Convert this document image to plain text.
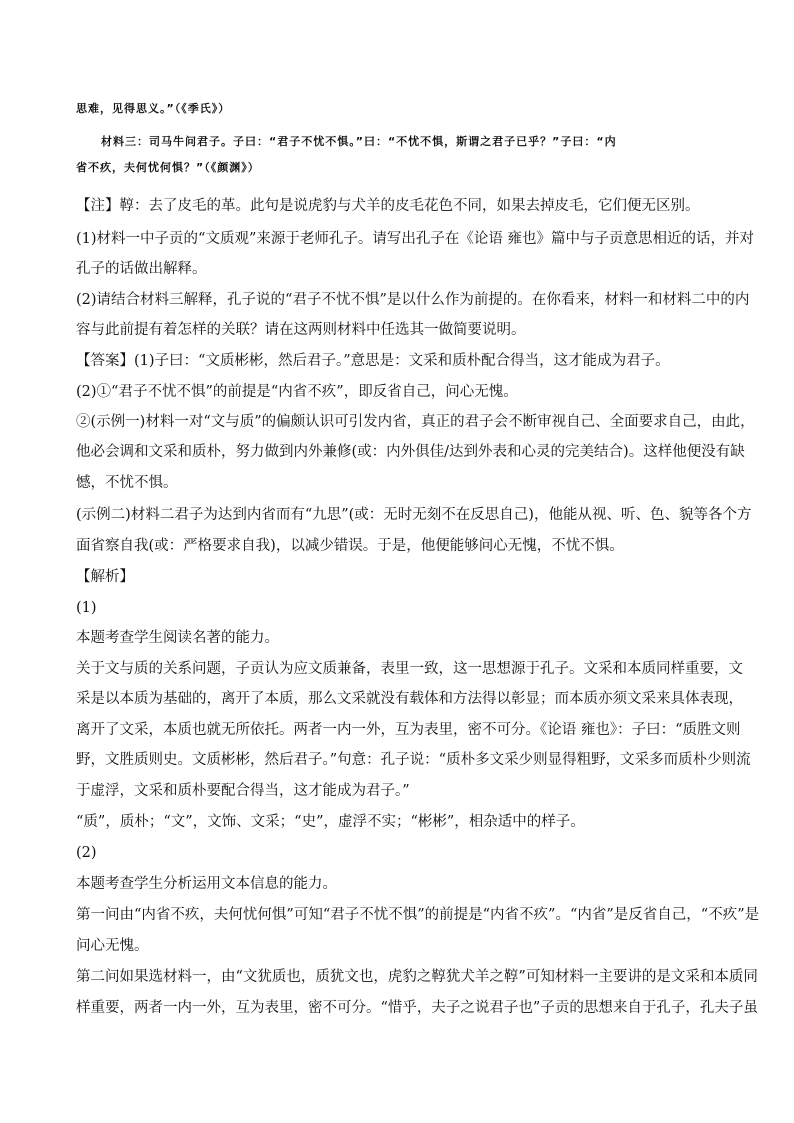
思难，见得思义。”（《季氏》）
材料三：司马牛问君子。子曰：“君子不忧不惧。”曰：“不忧不惧，斯谓之君子已乎？”子曰：“内
省不疚，夫何忧何惧？”（《颜渊》）
【注】鞟：去了皮毛的革。此句是说虎豹与犬羊的皮毛花色不同，如果去掉皮毛，它们便无区别。
(1)材料一中子贡的“文质观”来源于老师孔子。请写出孔子在《论语 雍也》篇中与子贡意思相近的话，并对
孔子的话做出解释。
(2)请结合材料三解释，孔子说的“君子不忧不惧”是以什么作为前提的。在你看来，材料一和材料二中的内
容与此前提有着怎样的关联？请在这两则材料中任选其一做简要说明。
【答案】(1)子曰：“文质彬彬，然后君子。”意思是：文采和质朴配合得当，这才能成为君子。
(2)①“君子不忧不惧”的前提是“内省不疚”，即反省自己，问心无愧。
②(示例一)材料一对“文与质”的偏颇认识可引发内省，真正的君子会不断审视自己、全面要求自己，由此，
他必会调和文采和质朴，努力做到内外兼修(或：内外俱佳/达到外表和心灵的完美结合)。这样他便没有缺
憾，不忧不惧。
(示例二)材料二君子为达到内省而有“九思”(或：无时无刻不在反思自己)，他能从视、听、色、貌等各个方
面省察自我(或：严格要求自我)，以减少错误。于是，他便能够问心无愧，不忧不惧。
【解析】
(1)
本题考查学生阅读名著的能力。
关于文与质的关系问题，子贡认为应文质兼备，表里一致，这一思想源于孔子。文采和本质同样重要，文
采是以本质为基础的，离开了本质，那么文采就没有载体和方法得以彰显；而本质亦须文采来具体表现，
离开了文采，本质也就无所依托。两者一内一外，互为表里，密不可分。《论语 雍也》：子曰：“质胜文则
野，文胜质则史。文质彬彬，然后君子。”句意：孔子说：“质朴多文采少则显得粗野，文采多而质朴少则流
于虚浮，文采和质朴要配合得当，这才能成为君子。”
“质”，质朴；“文”，文饰、文采；“史”，虚浮不实；“彬彬”，相杂适中的样子。
(2)
本题考查学生分析运用文本信息的能力。
第一问由“内省不疚，夫何忧何惧”可知“君子不忧不惧”的前提是“内省不疚”。“内省”是反省自己，“不疚”是
问心无愧。
第二问如果选材料一，由“文犹质也，质犹文也，虎豹之鞟犹犬羊之鞟”可知材料一主要讲的是文采和本质同
样重要，两者一内一外，互为表里，密不可分。“惜乎，夫子之说君子也”子贡的思想来自于孔子，孔夫子虽
